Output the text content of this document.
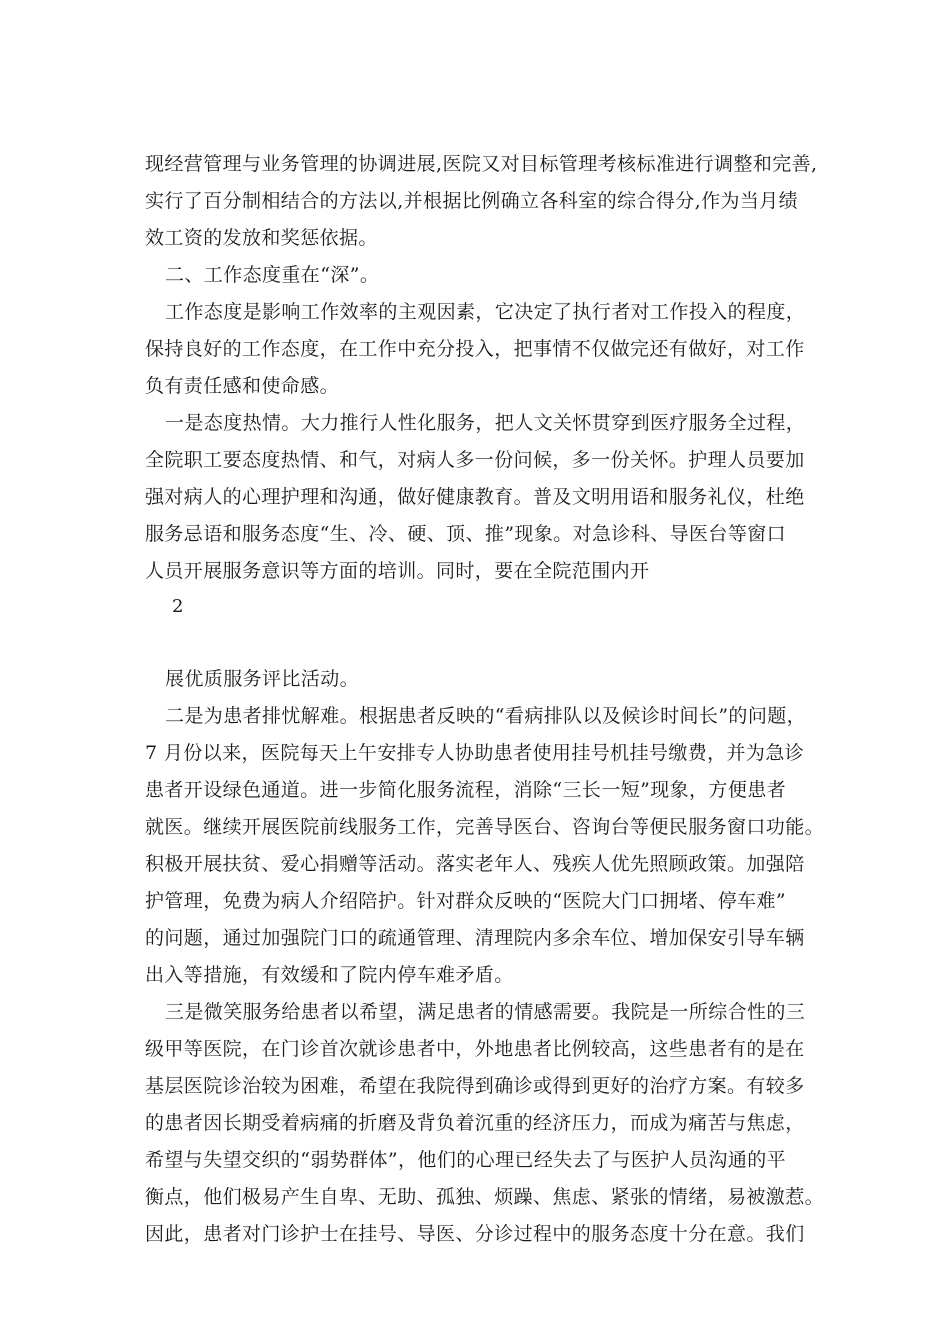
现经营管理与业务管理的协调进展,医院又对目标管理考核标准进行调整和完善,
实行了百分制相结合的方法以,并根据比例确立各科室的综合得分,作为当月绩
效工资的发放和奖惩依据。
二、工作态度重在“深”。
工作态度是影响工作效率的主观因素，它决定了执行者对工作投入的程度，
保持良好的工作态度，在工作中充分投入，把事情不仅做完还有做好，对工作
负有责任感和使命感。
一是态度热情。大力推行人性化服务，把人文关怀贯穿到医疗服务全过程，
全院职工要态度热情、和气，对病人多一份问候，多一份关怀。护理人员要加
强对病人的心理护理和沟通，做好健康教育。普及文明用语和服务礼仪，杜绝
服务忌语和服务态度“生、冷、硬、顶、推”现象。对急诊科、导医台等窗口
人员开展服务意识等方面的培训。同时，要在全院范围内开
2
展优质服务评比活动。
二是为患者排忧解难。根据患者反映的“看病排队以及候诊时间长”的问题，
7 月份以来，医院每天上午安排专人协助患者使用挂号机挂号缴费，并为急诊
患者开设绿色通道。进一步简化服务流程，消除“三长一短”现象，方便患者
就医。继续开展医院前线服务工作，完善导医台、咨询台等便民服务窗口功能。
积极开展扶贫、爱心捐赠等活动。落实老年人、残疾人优先照顾政策。加强陪
护管理，免费为病人介绍陪护。针对群众反映的“医院大门口拥堵、停车难”
的问题，通过加强院门口的疏通管理、清理院内多余车位、增加保安引导车辆
出入等措施，有效缓和了院内停车难矛盾。
三是微笑服务给患者以希望，满足患者的情感需要。我院是一所综合性的三
级甲等医院，在门诊首次就诊患者中，外地患者比例较高，这些患者有的是在
基层医院诊治较为困难，希望在我院得到确诊或得到更好的治疗方案。有较多
的患者因长期受着病痛的折磨及背负着沉重的经济压力，而成为痛苦与焦虑，
希望与失望交织的“弱势群体”，他们的心理已经失去了与医护人员沟通的平
衡点，他们极易产生自卑、无助、孤独、烦躁、焦虑、紧张的情绪，易被激惹。
因此，患者对门诊护士在挂号、导医、分诊过程中的服务态度十分在意。我们
